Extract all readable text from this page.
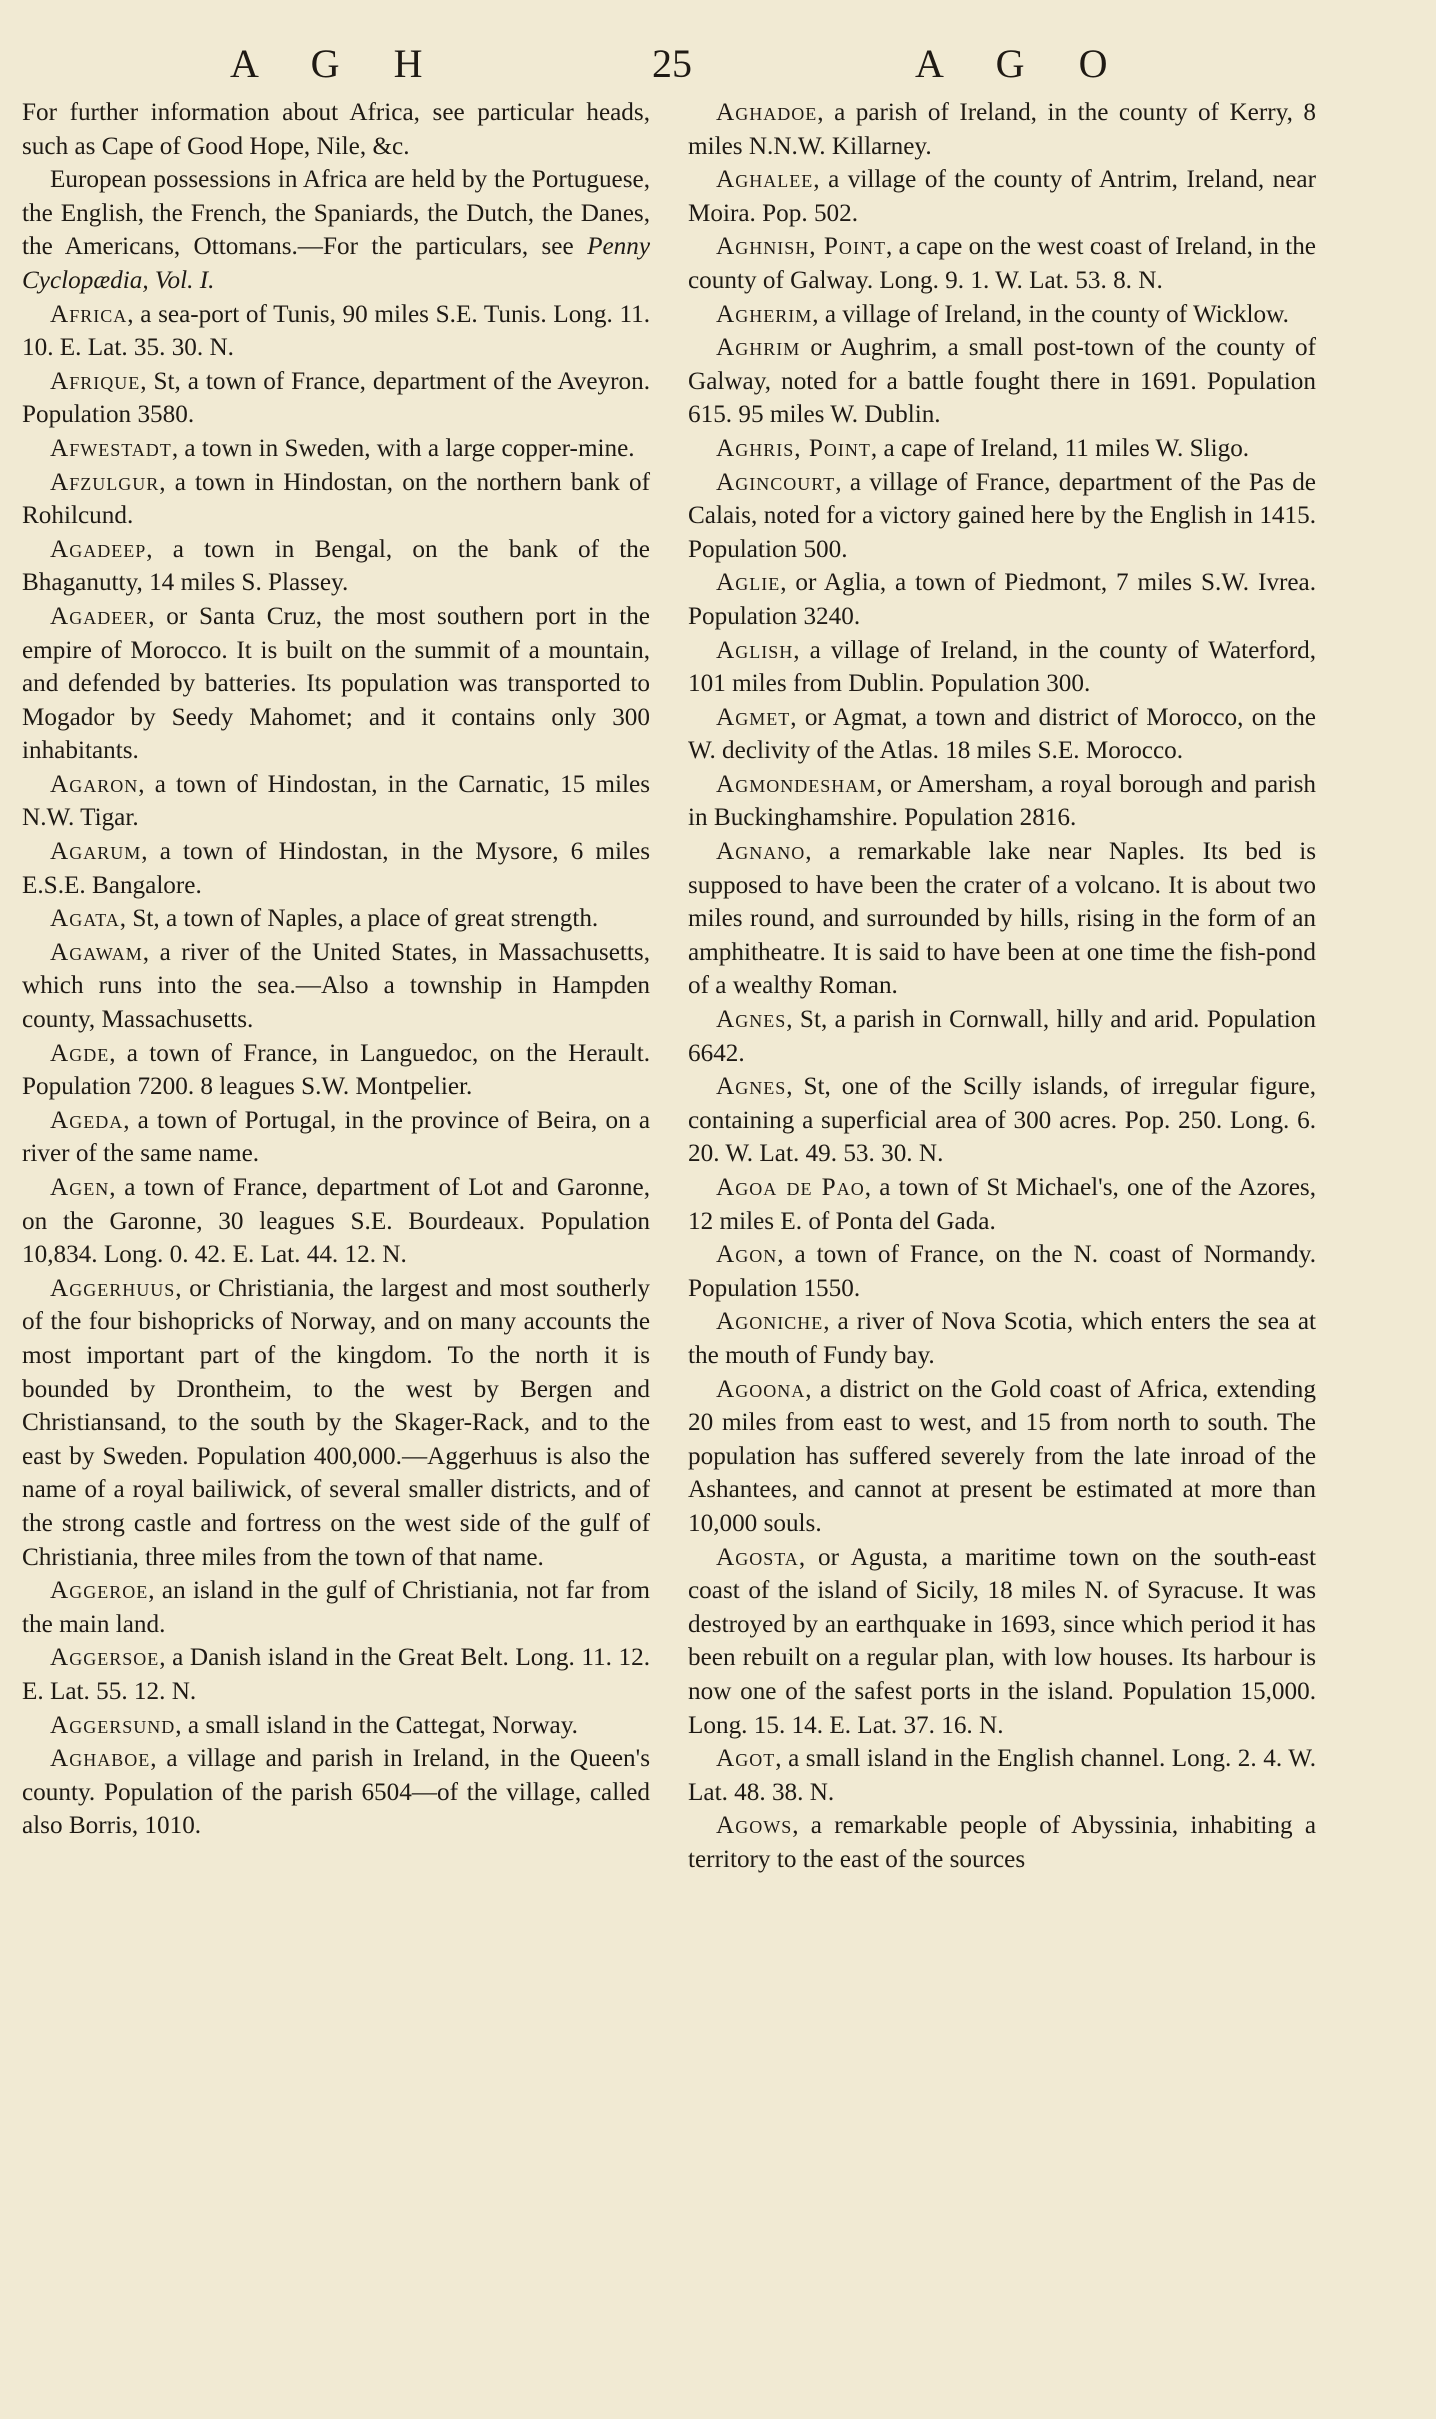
A G H	25	A G O

For further information about Africa, see particular heads, such as Cape of Good Hope, Nile, &c.

European possessions in Africa are held by the Portuguese, the English, the French, the Spaniards, the Dutch, the Danes, the Americans, Ottomans.—For the particulars, see Penny Cyclopædia, Vol. I.

Africa, a sea-port of Tunis, 90 miles S.E. Tunis. Long. 11. 10. E. Lat. 35. 30. N.

Afrique, St, a town of France, department of the Aveyron. Population 3580.

Afwestadt, a town in Sweden, with a large copper-mine.

Afzulgur, a town in Hindostan, on the northern bank of Rohilcund.

Agadeep, a town in Bengal, on the bank of the Bhaganutty, 14 miles S. Plassey.

Agadeer, or Santa Cruz, the most southern port in the empire of Morocco. It is built on the summit of a mountain, and defended by batteries. Its population was transported to Mogador by Seedy Mahomet; and it contains only 300 inhabitants.

Agaron, a town of Hindostan, in the Carnatic, 15 miles N.W. Tigar.

Agarum, a town of Hindostan, in the Mysore, 6 miles E.S.E. Bangalore.

Agata, St, a town of Naples, a place of great strength.

Agawam, a river of the United States, in Massachusetts, which runs into the sea.—Also a township in Hampden county, Massachusetts.

Agde, a town of France, in Languedoc, on the Herault. Population 7200. 8 leagues S.W. Montpelier.

Ageda, a town of Portugal, in the province of Beira, on a river of the same name.

Agen, a town of France, department of Lot and Garonne, on the Garonne, 30 leagues S.E. Bourdeaux. Population 10,834. Long. 0. 42. E. Lat. 44. 12. N.

Aggerhuus, or Christiania, the largest and most southerly of the four bishopricks of Norway, and on many accounts the most important part of the kingdom. To the north it is bounded by Drontheim, to the west by Bergen and Christiansand, to the south by the Skager-Rack, and to the east by Sweden. Population 400,000.—Aggerhuus is also the name of a royal bailiwick, of several smaller districts, and of the strong castle and fortress on the west side of the gulf of Christiania, three miles from the town of that name.

Aggeroe, an island in the gulf of Christiania, not far from the main land.

Aggersoe, a Danish island in the Great Belt. Long. 11. 12. E. Lat. 55. 12. N.

Aggersund, a small island in the Cattegat, Norway.

Aghaboe, a village and parish in Ireland, in the Queen's county. Population of the parish 6504—of the village, called also Borris, 1010.

Aghadoe, a parish of Ireland, in the county of Kerry, 8 miles N.N.W. Killarney.

Aghalee, a village of the county of Antrim, Ireland, near Moira. Pop. 502.

Aghnish, Point, a cape on the west coast of Ireland, in the county of Galway. Long. 9. 1. W. Lat. 53. 8. N.

Agherim, a village of Ireland, in the county of Wicklow.

Aghrim or Aughrim, a small post-town of the county of Galway, noted for a battle fought there in 1691. Population 615. 95 miles W. Dublin.

Aghris, Point, a cape of Ireland, 11 miles W. Sligo.

Agincourt, a village of France, department of the Pas de Calais, noted for a victory gained here by the English in 1415. Population 500.

Aglie, or Aglia, a town of Piedmont, 7 miles S.W. Ivrea. Population 3240.

Aglish, a village of Ireland, in the county of Waterford, 101 miles from Dublin. Population 300.

Agmet, or Agmat, a town and district of Morocco, on the W. declivity of the Atlas. 18 miles S.E. Morocco.

Agmondesham, or Amersham, a royal borough and parish in Buckinghamshire. Population 2816.

Agnano, a remarkable lake near Naples. Its bed is supposed to have been the crater of a volcano. It is about two miles round, and surrounded by hills, rising in the form of an amphitheatre. It is said to have been at one time the fish-pond of a wealthy Roman.

Agnes, St, a parish in Cornwall, hilly and arid. Population 6642.

Agnes, St, one of the Scilly islands, of irregular figure, containing a superficial area of 300 acres. Pop. 250. Long. 6. 20. W. Lat. 49. 53. 30. N.

Agoa de Pao, a town of St Michael's, one of the Azores, 12 miles E. of Ponta del Gada.

Agon, a town of France, on the N. coast of Normandy. Population 1550.

Agoniche, a river of Nova Scotia, which enters the sea at the mouth of Fundy bay.

Agoona, a district on the Gold coast of Africa, extending 20 miles from east to west, and 15 from north to south. The population has suffered severely from the late inroad of the Ashantees, and cannot at present be estimated at more than 10,000 souls.

Agosta, or Agusta, a maritime town on the south-east coast of the island of Sicily, 18 miles N. of Syracuse. It was destroyed by an earthquake in 1693, since which period it has been rebuilt on a regular plan, with low houses. Its harbour is now one of the safest ports in the island. Population 15,000. Long. 15. 14. E. Lat. 37. 16. N.

Agot, a small island in the English channel. Long. 2. 4. W. Lat. 48. 38. N.

Agows, a remarkable people of Abyssinia, inhabiting a territory to the east of the sources
